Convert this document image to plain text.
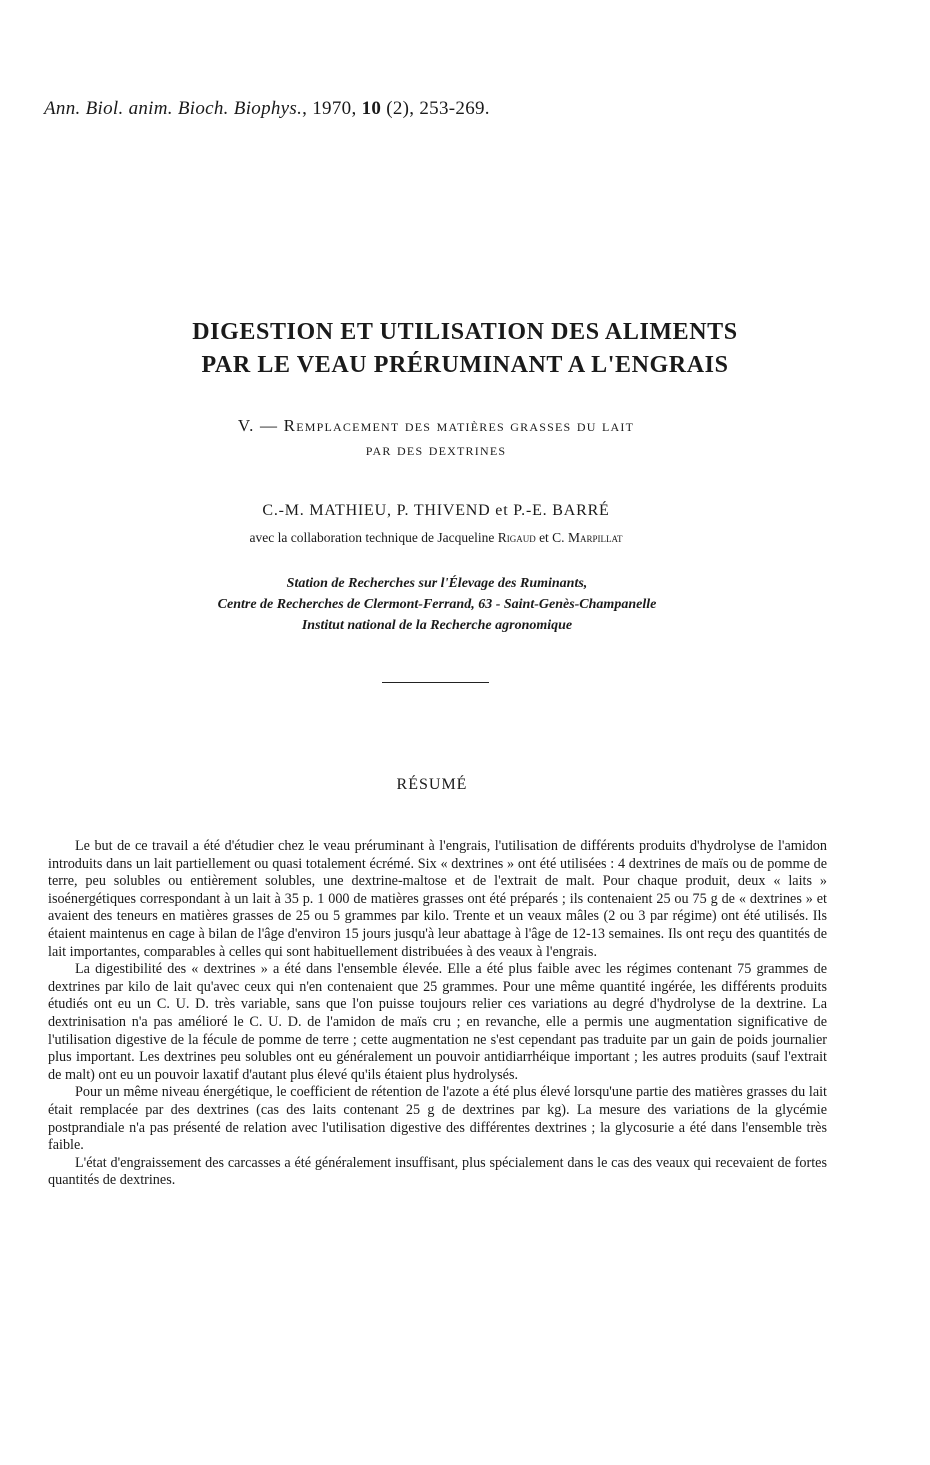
Ann. Biol. anim. Bioch. Biophys., 1970, 10 (2), 253-269.
DIGESTION ET UTILISATION DES ALIMENTS
PAR LE VEAU PRÉRUMINANT A L'ENGRAIS
V. — Remplacement des matières grasses du lait
par des dextrines
C.-M. MATHIEU, P. THIVEND et P.-E. BARRÉ
avec la collaboration technique de Jacqueline Rigaud et C. Marpillat
Station de Recherches sur l'Élevage des Ruminants,
Centre de Recherches de Clermont-Ferrand, 63 - Saint-Genès-Champanelle
Institut national de la Recherche agronomique
RÉSUMÉ

Le but de ce travail a été d'étudier chez le veau préruminant à l'engrais, l'utilisation de différents produits d'hydrolyse de l'amidon introduits dans un lait partiellement ou quasi totalement écrémé. Six « dextrines » ont été utilisées : 4 dextrines de maïs ou de pomme de terre, peu solubles ou entièrement solubles, une dextrine-maltose et de l'extrait de malt. Pour chaque produit, deux « laits » isoénergétiques correspondant à un lait à 35 p. 1 000 de matières grasses ont été préparés ; ils contenaient 25 ou 75 g de « dextrines » et avaient des teneurs en matières grasses de 25 ou 5 grammes par kilo. Trente et un veaux mâles (2 ou 3 par régime) ont été utilisés. Ils étaient maintenus en cage à bilan de l'âge d'environ 15 jours jusqu'à leur abattage à l'âge de 12-13 semaines. Ils ont reçu des quantités de lait importantes, comparables à celles qui sont habituellement distribuées à des veaux à l'engrais.

La digestibilité des « dextrines » a été dans l'ensemble élevée. Elle a été plus faible avec les régimes contenant 75 grammes de dextrines par kilo de lait qu'avec ceux qui n'en contenaient que 25 grammes. Pour une même quantité ingérée, les différents produits étudiés ont eu un C. U. D. très variable, sans que l'on puisse toujours relier ces variations au degré d'hydrolyse de la dextrine. La dextrinisation n'a pas amélioré le C. U. D. de l'amidon de maïs cru ; en revanche, elle a permis une augmentation significative de l'utilisation digestive de la fécule de pomme de terre ; cette augmentation ne s'est cependant pas traduite par un gain de poids journalier plus important. Les dextrines peu solubles ont eu généralement un pouvoir antidiarrhéique important ; les autres produits (sauf l'extrait de malt) ont eu un pouvoir laxatif d'autant plus élevé qu'ils étaient plus hydrolysés.

Pour un même niveau énergétique, le coefficient de rétention de l'azote a été plus élevé lorsqu'une partie des matières grasses du lait était remplacée par des dextrines (cas des laits contenant 25 g de dextrines par kg). La mesure des variations de la glycémie postprandiale n'a pas présenté de relation avec l'utilisation digestive des différentes dextrines ; la glycosurie a été dans l'ensemble très faible.

L'état d'engraissement des carcasses a été généralement insuffisant, plus spécialement dans le cas des veaux qui recevaient de fortes quantités de dextrines.
